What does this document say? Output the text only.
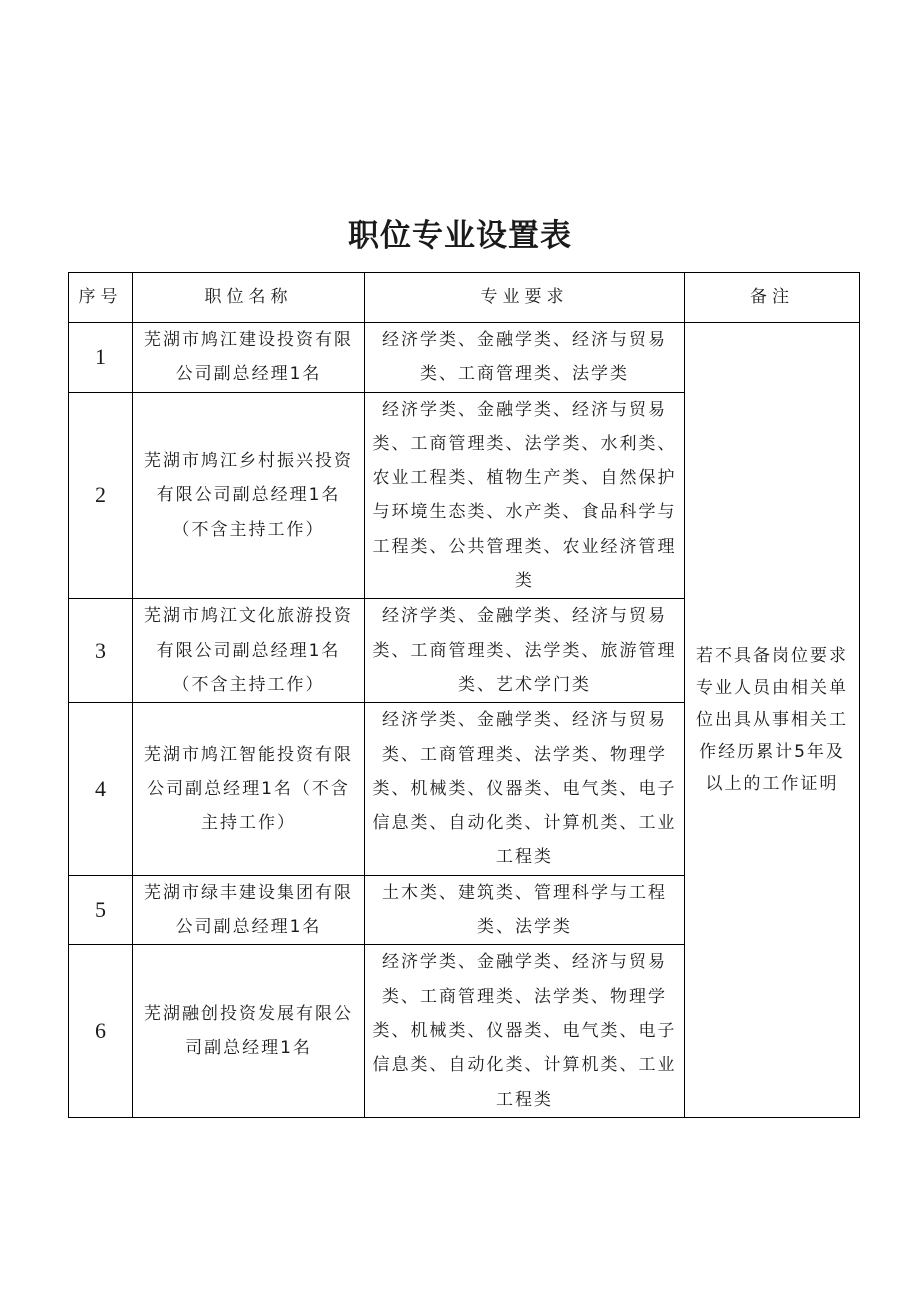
职位专业设置表
序号	职位名称	专业要求	备注
1	芜湖市鸠江建设投资有限公司副总经理1名	经济学类、金融学类、经济与贸易类、工商管理类、法学类	若不具备岗位要求专业人员由相关单位出具从事相关工作经历累计5年及以上的工作证明
2	芜湖市鸠江乡村振兴投资有限公司副总经理1名（不含主持工作）	经济学类、金融学类、经济与贸易类、工商管理类、法学类、水利类、农业工程类、植物生产类、自然保护与环境生态类、水产类、食品科学与工程类、公共管理类、农业经济管理类	
3	芜湖市鸠江文化旅游投资有限公司副总经理1名（不含主持工作）	经济学类、金融学类、经济与贸易类、工商管理类、法学类、旅游管理类、艺术学门类	
4	芜湖市鸠江智能投资有限公司副总经理1名（不含主持工作）	经济学类、金融学类、经济与贸易类、工商管理类、法学类、物理学类、机械类、仪器类、电气类、电子信息类、自动化类、计算机类、工业工程类	
5	芜湖市绿丰建设集团有限公司副总经理1名	土木类、建筑类、管理科学与工程类、法学类	
6	芜湖融创投资发展有限公司副总经理1名	经济学类、金融学类、经济与贸易类、工商管理类、法学类、物理学类、机械类、仪器类、电气类、电子信息类、自动化类、计算机类、工业工程类	
